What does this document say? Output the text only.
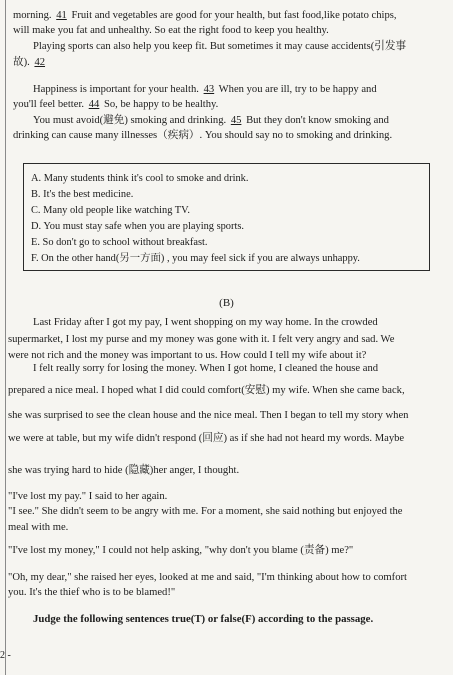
morning. 41 Fruit and vegetables are good for your health, but fast food,like potato chips,
will make you fat and unhealthy. So eat the right food to keep you healthy.
Playing sports can also help you keep fit. But sometimes it may cause accidents(引发事
故). 42
Happiness is important for your health. 43 When you are ill, try to be happy and
you'll feel better. 44 So, be happy to be healthy.
You must avoid(避免) smoking and drinking. 45 But they don't know smoking and
drinking can cause many illnesses（疾病）. You should say no to smoking and drinking.
A. Many students think it's cool to smoke and drink.
B. It's the best medicine.
C. Many old people like watching TV.
D. You must stay safe when you are playing sports.
E. So don't go to school without breakfast.
F. On the other hand(另一方面) , you may feel sick if you are always unhappy.
(B)
Last Friday after I got my pay, I went shopping on my way home. In the crowded
supermarket, I lost my purse and my money was gone with it. I felt very angry and sad. We
were not rich and the money was important to us. How could I tell my wife about it?
I felt really sorry for losing the money. When I got home, I cleaned the house and
prepared a nice meal. I hoped what I did could comfort(安慰) my wife. When she came back,
she was surprised to see the clean house and the nice meal. Then I began to tell my story when
we were at table, but my wife didn't respond (回应) as if she had not heard my words. Maybe
she was trying hard to hide (隐藏)her anger, I thought.
"I've lost my pay." I said to her again.
"I see." She didn't seem to be angry with me. For a moment, she said nothing but enjoyed the
meal with me.
"I've lost my money," I could not help asking, "why don't you blame (责备) me?"
"Oh, my dear," she raised her eyes, looked at me and said, "I'm thinking about how to comfort
you. It's the thief who is to be blamed!"
Judge the following sentences true(T) or false(F) according to the passage.
2 -
